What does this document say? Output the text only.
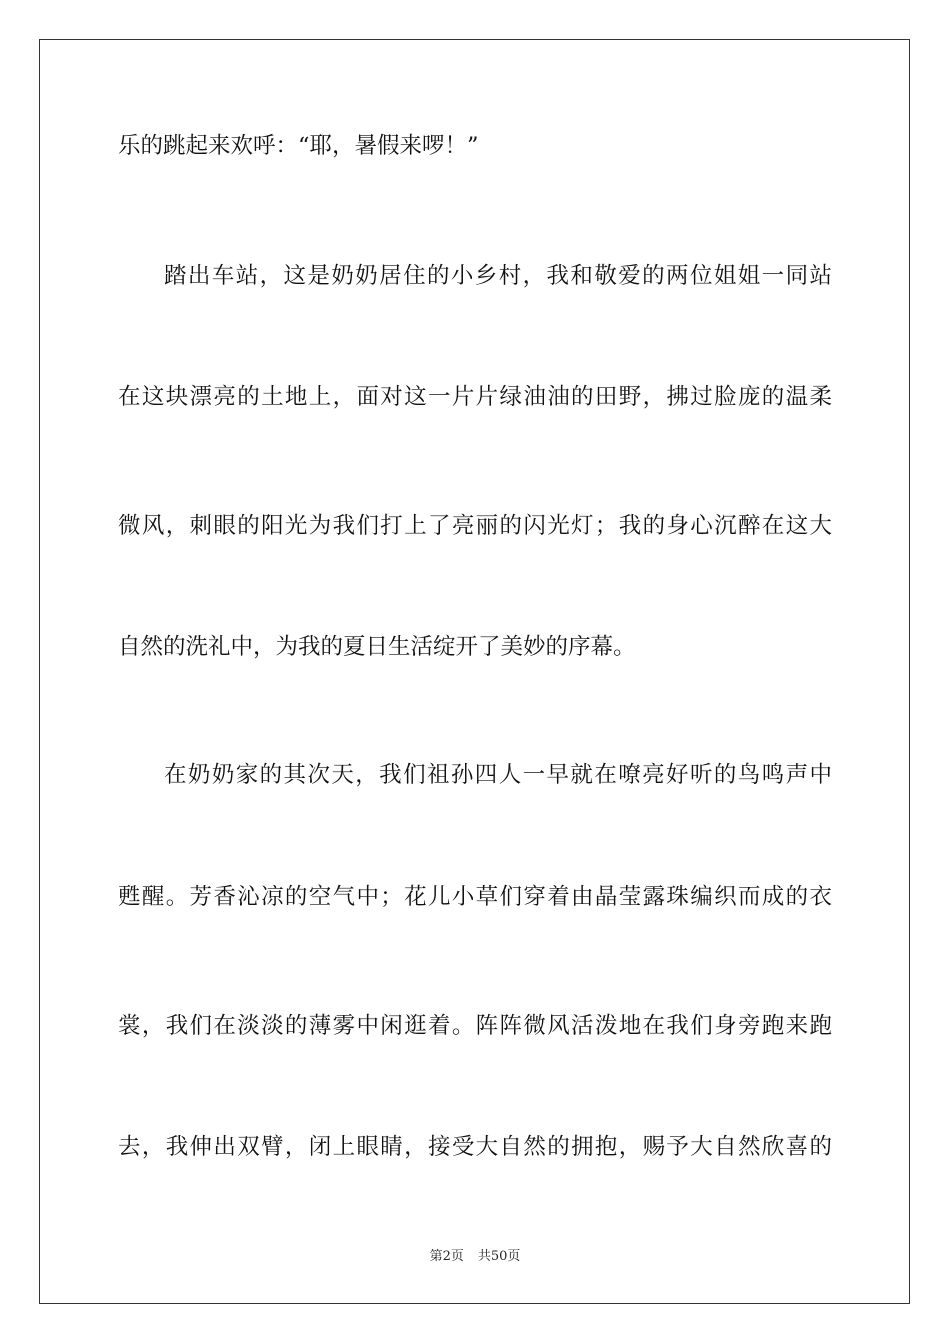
乐的跳起来欢呼：“耶，暑假来啰！”
踏出车站，这是奶奶居住的小乡村，我和敬爱的两位姐姐一同站
在这块漂亮的土地上，面对这一片片绿油油的田野，拂过脸庞的温柔
微风，刺眼的阳光为我们打上了亮丽的闪光灯；我的身心沉醉在这大
自然的洗礼中，为我的夏日生活绽开了美妙的序幕。
在奶奶家的其次天，我们祖孙四人一早就在嘹亮好听的鸟鸣声中
甦醒。芳香沁凉的空气中；花儿小草们穿着由晶莹露珠编织而成的衣
裳，我们在淡淡的薄雾中闲逛着。阵阵微风活泼地在我们身旁跑来跑
去，我伸出双臂，闭上眼睛，接受大自然的拥抱，赐予大自然欣喜的
第2页 共50页
